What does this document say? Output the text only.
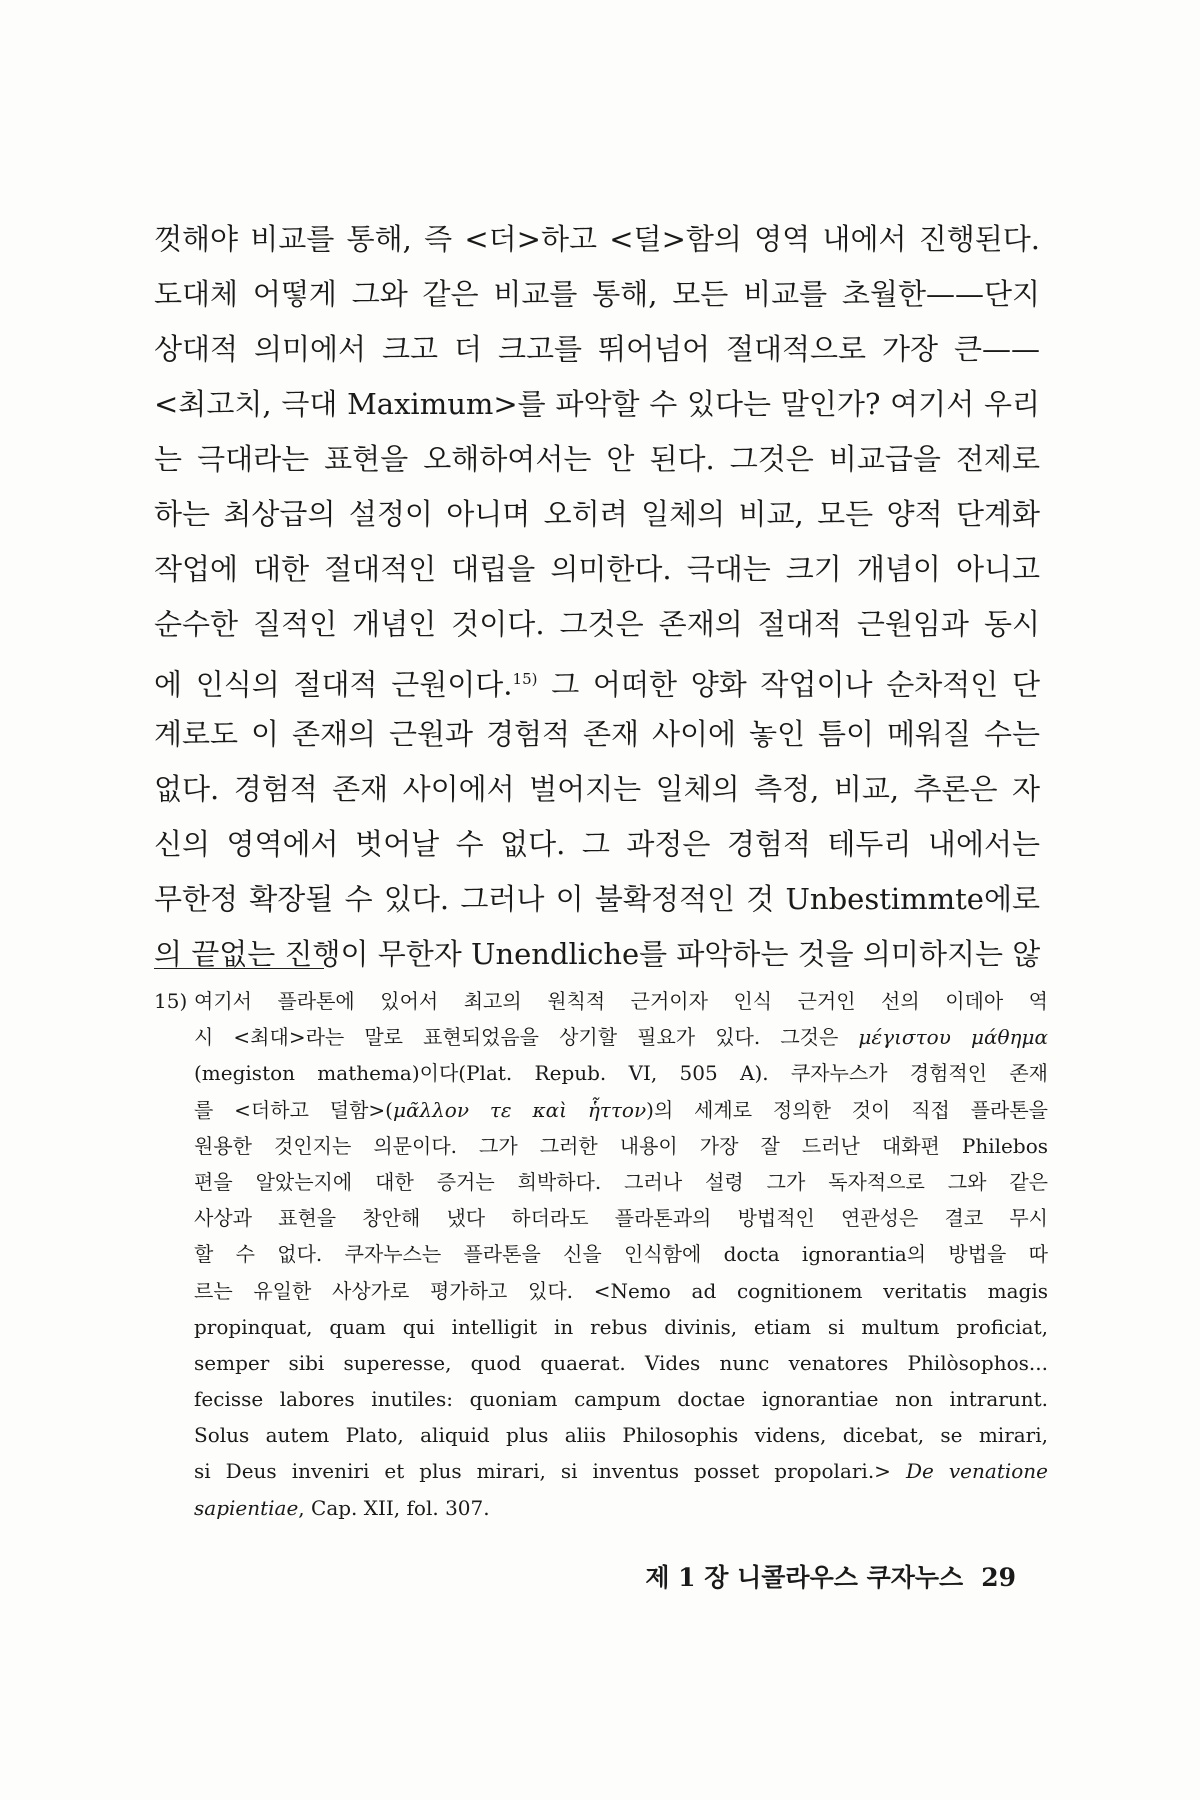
껏해야 비교를 통해, 즉 <더>하고 <덜>함의 영역 내에서 진행된다.
도대체 어떻게 그와 같은 비교를 통해, 모든 비교를 초월한——단지
상대적 의미에서 크고 더 크고를 뛰어넘어 절대적으로 가장 큰——
<최고치, 극대 Maximum>를 파악할 수 있다는 말인가? 여기서 우리
는 극대라는 표현을 오해하여서는 안 된다. 그것은 비교급을 전제로
하는 최상급의 설정이 아니며 오히려 일체의 비교, 모든 양적 단계화
작업에 대한 절대적인 대립을 의미한다. 극대는 크기 개념이 아니고
순수한 질적인 개념인 것이다. 그것은 존재의 절대적 근원임과 동시
에 인식의 절대적 근원이다.$^{15)}$ 그 어떠한 양화 작업이나 순차적인 단
계로도 이 존재의 근원과 경험적 존재 사이에 놓인 틈이 메워질 수는
없다. 경험적 존재 사이에서 벌어지는 일체의 측정, 비교, 추론은 자
신의 영역에서 벗어날 수 없다. 그 과정은 경험적 테두리 내에서는
무한정 확장될 수 있다. 그러나 이 불확정적인 것 Unbestimmte에로
의 끝없는 진행이 무한자 Unendliche를 파악하는 것을 의미하지는 않
15) 여기서 플라톤에 있어서 최고의 원칙적 근거이자 인식 근거인 선의 이데아 역
시 <최대>라는 말로 표현되었음을 상기할 필요가 있다. 그것은 μέγιστου μάθημα
(megiston mathema)이다(Plat. Repub. VI, 505 A). 쿠자누스가 경험적인 존재
를 <더하고 덜함>(μᾶλλον τε καὶ ἧττον)의 세계로 정의한 것이 직접 플라톤을
원용한 것인지는 의문이다. 그가 그러한 내용이 가장 잘 드러난 대화편 Philebos
편을 알았는지에 대한 증거는 희박하다. 그러나 설령 그가 독자적으로 그와 같은
사상과 표현을 창안해 냈다 하더라도 플라톤과의 방법적인 연관성은 결코 무시
할 수 없다. 쿠자누스는 플라톤을 신을 인식함에 docta ignorantia의 방법을 따
르는 유일한 사상가로 평가하고 있다. <Nemo ad cognitionem veritatis magis
propinquat, quam qui intelligit in rebus divinis, etiam si multum proficiat,
semper sibi superesse, quod quaerat. Vides nunc venatores Philòsophos...
fecisse labores inutiles: quoniam campum doctae ignorantiae non intrarunt.
Solus autem Plato, aliquid plus aliis Philosophis videns, dicebat, se mirari,
si Deus inveniri et plus mirari, si inventus posset propolari.> De venatione
sapientiae, Cap. XII, fol. 307.
제 1 장 니콜라우스 쿠자누스 29
